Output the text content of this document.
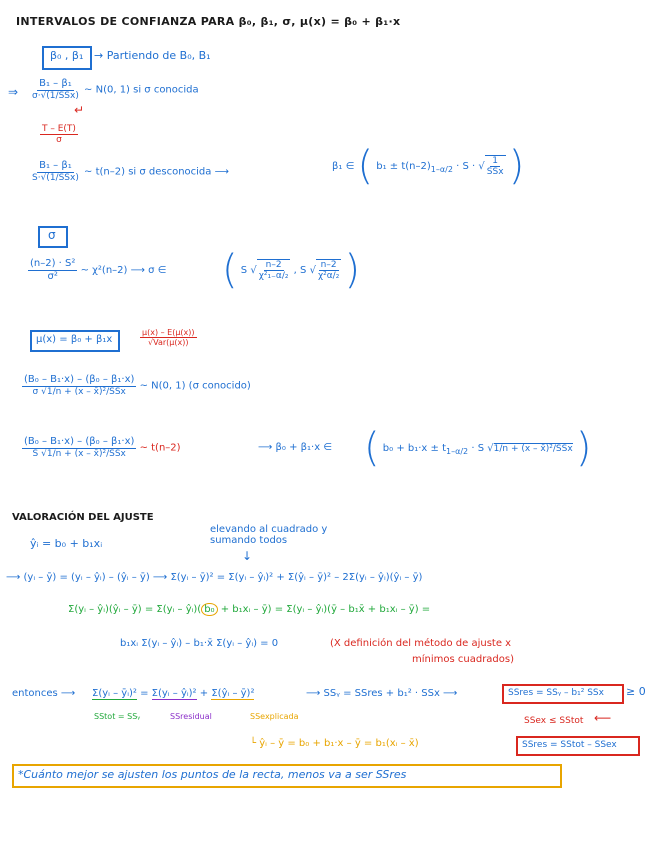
INTERVALOS DE CONFIANZA PARA β₀, β₁, σ, μ(x) = β₀ + β₁·x
β₀ , β₁ → Partiendo de B₀, B₁
⇒ $\frac{\text{B₁ – β₁}}{\text{σ·√(1/SSx)}}$ ~ N(0, 1) si σ conocida
↵
$\frac{T - E(T)}{\sigma}$
$\frac{\text{B₁ – β₁}}{\text{S·√(1/SSx)}}$ ~ t(n–2) si σ desconocida ⟶	β₁ ∈ ( $b_1 \pm t(n-2)_{1-\alpha/2} \cdot S$ · √ $\frac{1}{\text{SSx}}$ )
σ
$\frac{\text{(n–2) · S²}}{\text{σ²}}$ ~ χ²(n–2) ⟶ σ ∈ ( S √ $\frac{n-2}{\text{χ²₁₋α/₂}}$ , S √ $\frac{n-2}{\text{χ²α/₂}}$ )
μ(x) = β₀ + β₁x	$\frac{\mu(x) - E(\mu(x))}{\text{√Var(μ(x))}}$
$\frac{\text{(B₀ – B₁·x) – (β₀ – β₁·x)}}{\text{σ √1/n + (x – x̄)²/SSx}}$ ~ N(0, 1) (σ conocido)
$\frac{\text{(B₀ – B₁·x) – (β₀ – β₁·x)}}{\text{S √1/n + (x – x̄)²/SSx}}$ ~ t(n–2)	⟶ β₀ + β₁·x ∈ ( $b_0 + b_1\cdot x \pm t_{1-\alpha/2} \cdot S$ √1/n + (x – x̄)²/SSx )
VALORACIÓN DEL AJUSTE
ŷᵢ = b₀ + b₁xᵢ
elevando al cuadrado y sumando todos
↓
⟶ (yᵢ – ȳ) = (yᵢ – ŷᵢ) – (ŷᵢ – ȳ) ⟶ Σ(yᵢ – ȳ)² = Σ(yᵢ – ŷᵢ)² + Σ(ŷᵢ – ȳ)² – 2Σ(yᵢ – ŷᵢ)(ŷᵢ – ȳ)
Σ(yᵢ – ŷᵢ)(ŷᵢ – ȳ) = Σ(yᵢ – ŷᵢ)( b₀ + b₁xᵢ – ȳ) = Σ(yᵢ – ŷᵢ)(ȳ – b₁x̄ + b₁xᵢ – ȳ) =
b₁xᵢ Σ(yᵢ – ŷᵢ) – b₁·x̄ Σ(yᵢ – ŷᵢ) = 0	(X definición del método de ajuste x
mínimos cuadrados)
entonces ⟶ Σ(yᵢ – ȳᵢ)² = Σ(yᵢ – ŷᵢ)² + Σ(ŷᵢ – ȳ)²	⟶ SSᵧ = SSres + b₁² · SSx ⟶
SStot = SSᵧ	SSresidual	SSexplicada
SSres = SSᵧ – b₁² SSx ≥ 0
SSex ≤ SStot ⟵
└ ŷᵢ – ȳ = b₀ + b₁·x – ȳ = b₁(xᵢ – x̄)	SSres = SStot – SSex
*Cuánto mejor se ajusten los puntos de la recta, menos va a ser SSres
